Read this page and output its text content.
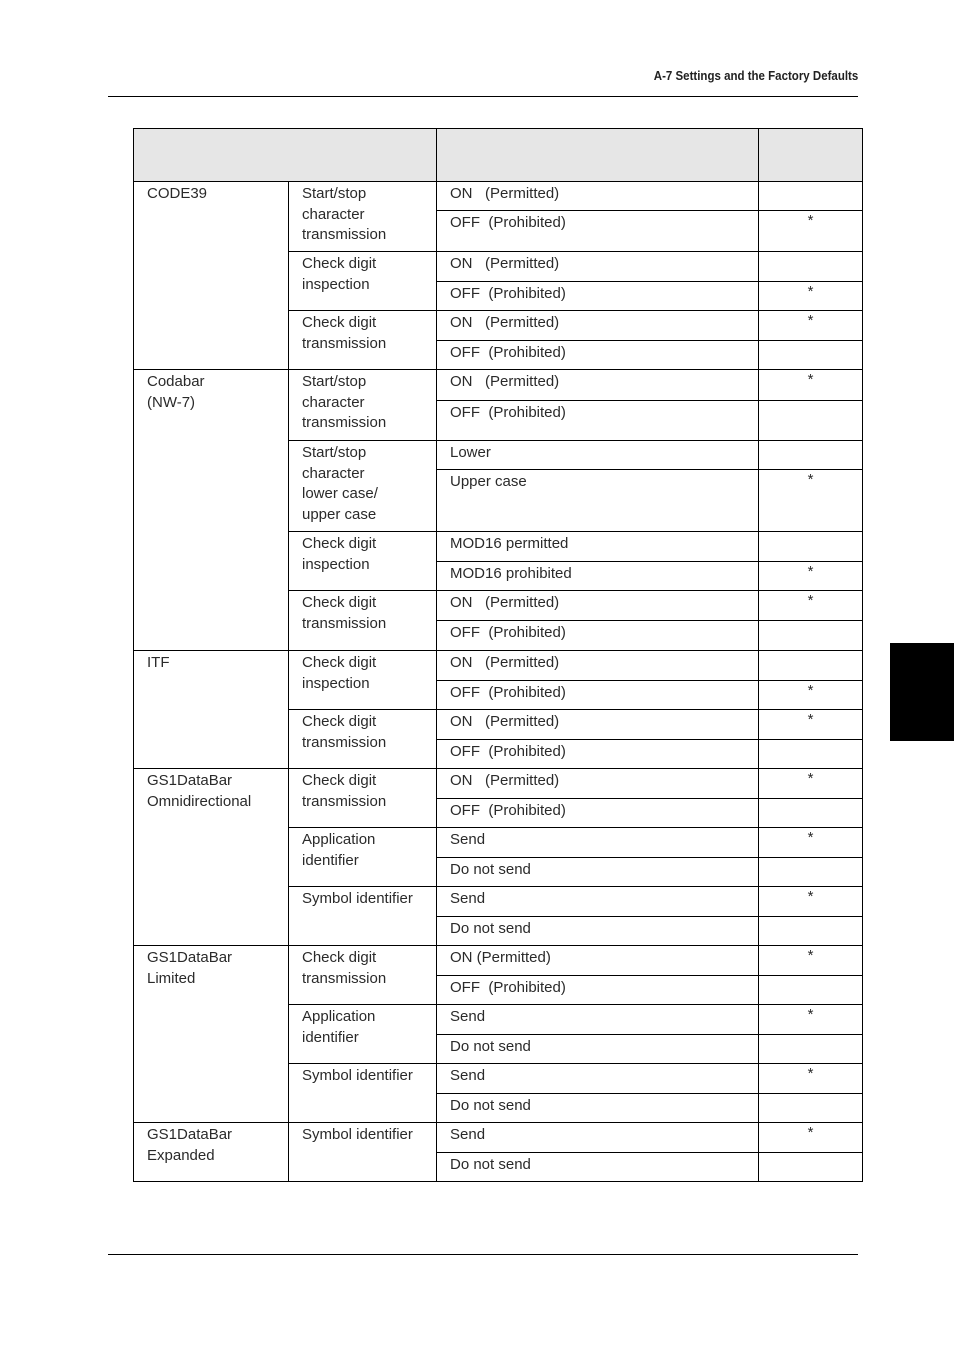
A-7 Settings and the Factory Defaults

CODE39	Start/stop
character
transmission	ON   (Permitted)	
		OFF  (Prohibited)	*
	Check digit
inspection	ON   (Permitted)	
		OFF  (Prohibited)	*
	Check digit
transmission	ON   (Permitted)	*
		OFF  (Prohibited)	
Codabar
(NW-7)	Start/stop
character
transmission	ON   (Permitted)	*
		OFF  (Prohibited)	
	Start/stop
character
lower case/
upper case	Lower	
		Upper case	*
	Check digit
inspection	MOD16 permitted	
		MOD16 prohibited	*
	Check digit
transmission	ON   (Permitted)	*
		OFF  (Prohibited)	
ITF	Check digit
inspection	ON   (Permitted)	
		OFF  (Prohibited)	*
	Check digit
transmission	ON   (Permitted)	*
		OFF  (Prohibited)	
GS1DataBar
Omnidirectional	Check digit
transmission	ON   (Permitted)	*
		OFF  (Prohibited)	
	Application
identifier	Send	*
		Do not send	
	Symbol identifier	Send	*
		Do not send	
GS1DataBar
Limited	Check digit
transmission	ON (Permitted)	*
		OFF  (Prohibited)	
	Application
identifier	Send	*
		Do not send	
	Symbol identifier	Send	*
		Do not send	
GS1DataBar
Expanded	Symbol identifier	Send	*
		Do not send	
